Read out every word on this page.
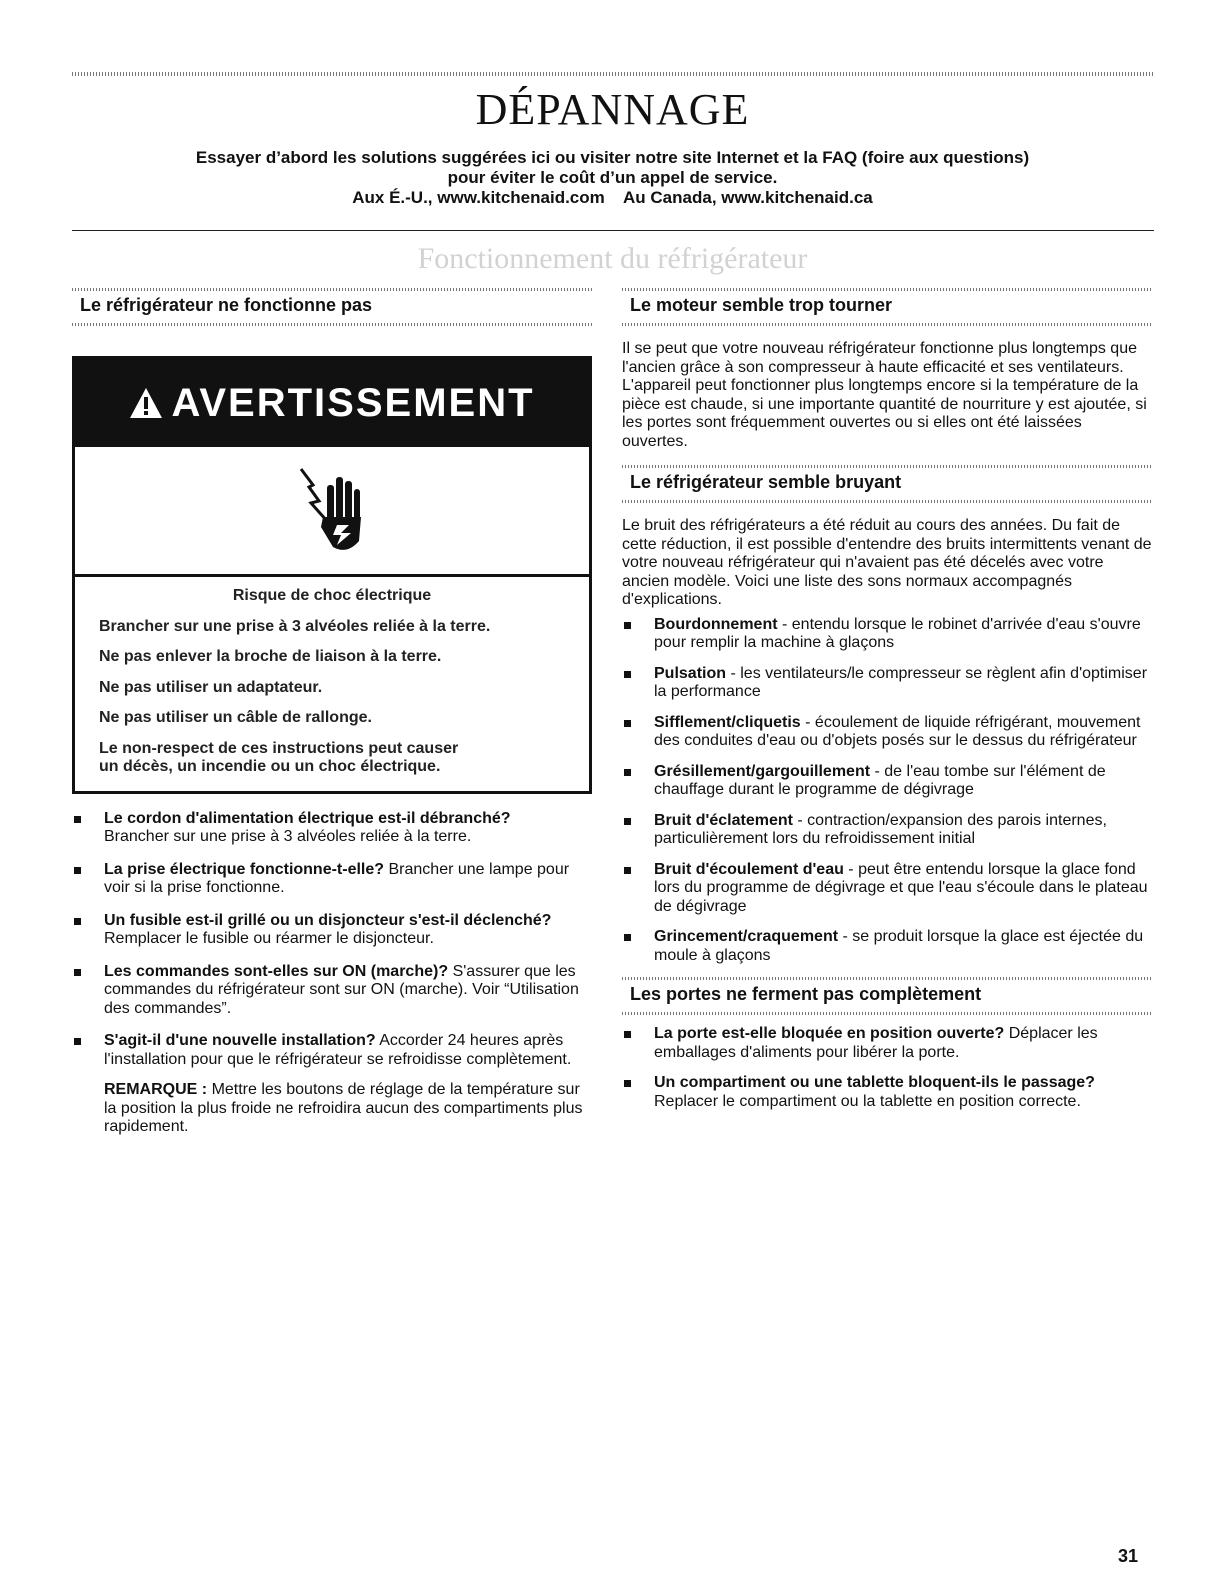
DÉPANNAGE
Essayer d’abord les solutions suggérées ici ou visiter notre site Internet et la FAQ (foire aux questions)
pour éviter le coût d’un appel de service.
Aux É.-U., www.kitchenaid.com    Au Canada, www.kitchenaid.ca
Fonctionnement du réfrigérateur
Le réfrigérateur ne fonctionne pas
AVERTISSEMENT
Risque de choc électrique

Brancher sur une prise à 3 alvéoles reliée à la terre.

Ne pas enlever la broche de liaison à la terre.

Ne pas utiliser un adaptateur.

Ne pas utiliser un câble de rallonge.

Le non-respect de ces instructions peut causer
un décès, un incendie ou un choc électrique.

Le cordon d'alimentation électrique est-il débranché?
Brancher sur une prise à 3 alvéoles reliée à la terre.
La prise électrique fonctionne-t-elle? Brancher une lampe pour voir si la prise fonctionne.
Un fusible est-il grillé ou un disjoncteur s'est-il déclenché? Remplacer le fusible ou réarmer le disjoncteur.
Les commandes sont-elles sur ON (marche)? S'assurer que les commandes du réfrigérateur sont sur ON (marche). Voir “Utilisation des commandes”.
S'agit-il d'une nouvelle installation? Accorder 24 heures après l'installation pour que le réfrigérateur se refroidisse complètement.
REMARQUE : Mettre les boutons de réglage de la température sur la position la plus froide ne refroidira aucun des compartiments plus rapidement.
Le moteur semble trop tourner

Il se peut que votre nouveau réfrigérateur fonctionne plus longtemps que l'ancien grâce à son compresseur à haute efficacité et ses ventilateurs. L'appareil peut fonctionner plus longtemps encore si la température de la pièce est chaude, si une importante quantité de nourriture y est ajoutée, si les portes sont fréquemment ouvertes ou si elles ont été laissées ouvertes.

Le réfrigérateur semble bruyant

Le bruit des réfrigérateurs a été réduit au cours des années. Du fait de cette réduction, il est possible d'entendre des bruits intermittents venant de votre nouveau réfrigérateur qui n'avaient pas été décelés avec votre ancien modèle. Voici une liste des sons normaux accompagnés d'explications.

Bourdonnement - entendu lorsque le robinet d'arrivée d'eau s'ouvre pour remplir la machine à glaçons
Pulsation - les ventilateurs/le compresseur se règlent afin d'optimiser la performance
Sifflement/cliquetis - écoulement de liquide réfrigérant, mouvement des conduites d'eau ou d'objets posés sur le dessus du réfrigérateur
Grésillement/gargouillement - de l'eau tombe sur l'élément de chauffage durant le programme de dégivrage
Bruit d'éclatement - contraction/expansion des parois internes, particulièrement lors du refroidissement initial
Bruit d'écoulement d'eau - peut être entendu lorsque la glace fond lors du programme de dégivrage et que l'eau s'écoule dans le plateau de dégivrage
Grincement/craquement - se produit lorsque la glace est éjectée du moule à glaçons
Les portes ne ferment pas complètement
La porte est-elle bloquée en position ouverte? Déplacer les emballages d'aliments pour libérer la porte.
Un compartiment ou une tablette bloquent-ils le passage? Replacer le compartiment ou la tablette en position correcte.
31
